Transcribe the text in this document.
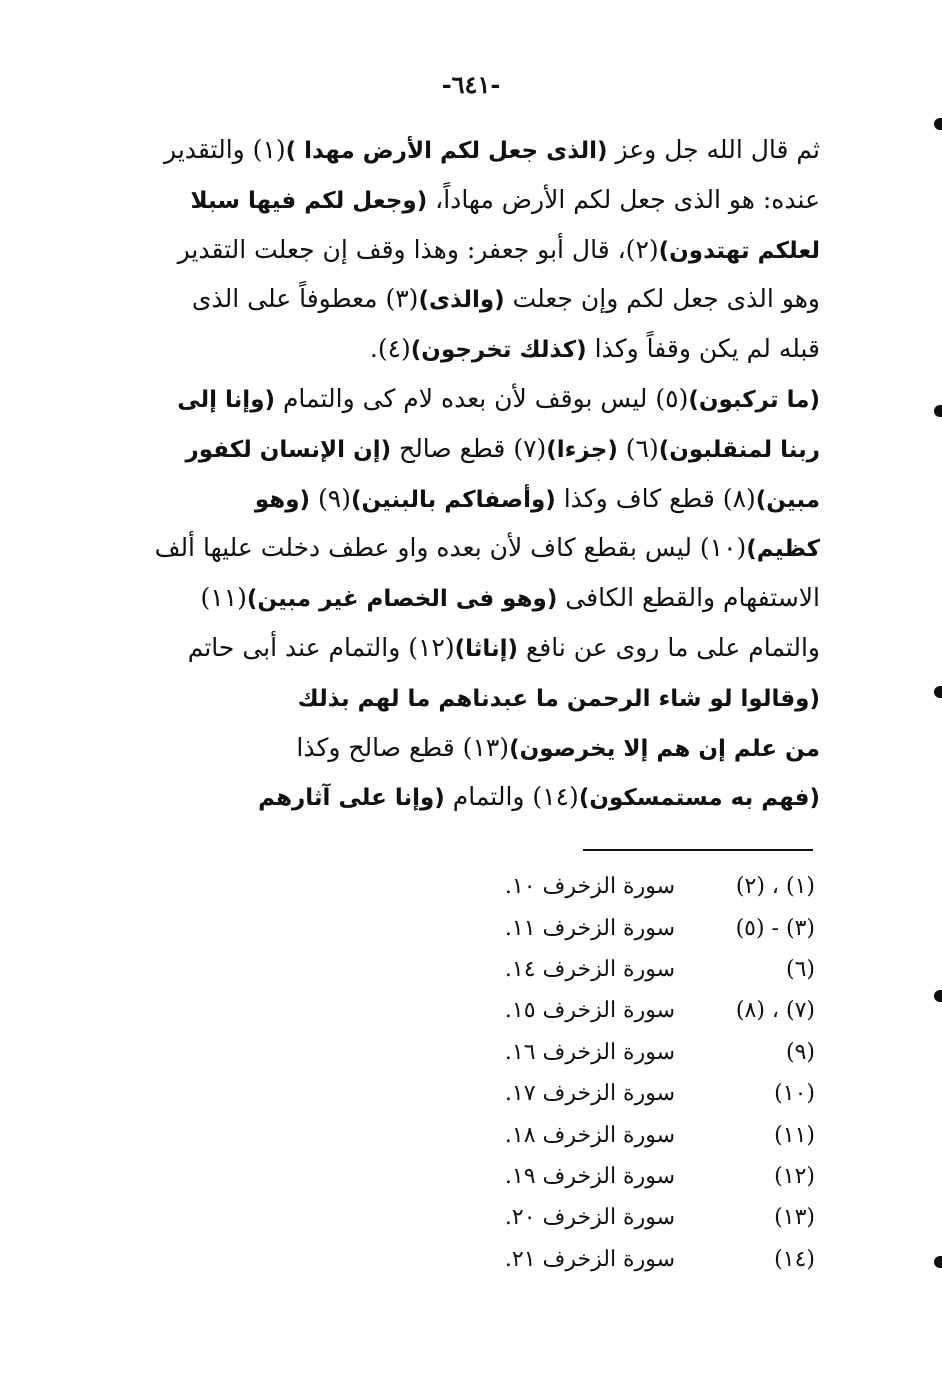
-٦٤١-
ثم قال الله جل وعز (الذى جعل لكم الأرض مهدا )(١) والتقدير
عنده: هو الذى جعل لكم الأرض مهاداً، (وجعل لكم فيها سبلا
لعلكم تهتدون)(٢)، قال أبو جعفر: وهذا وقف إن جعلت التقدير
وهو الذى جعل لكم وإن جعلت (والذى)(٣) معطوفاً على الذى
قبله لم يكن وقفاً وكذا (كذلك تخرجون)(٤).
(ما تركبون)(٥) ليس بوقف لأن بعده لام كى والتمام (وإنا إلى
ربنا لمنقلبون)(٦) (جزءا)(٧) قطع صالح (إن الإنسان لكفور
مبين)(٨) قطع كاف وكذا (وأصفاكم بالبنين)(٩) (وهو
كظيم)(١٠) ليس بقطع كاف لأن بعده واو عطف دخلت عليها ألف
الاستفهام والقطع الكافى (وهو فى الخصام غير مبين)(١١)
والتمام على ما روى عن نافع (إناثا)(١٢) والتمام عند أبى حاتم
(وقالوا لو شاء الرحمن ما عبدناهم ما لهم بذلك
من علم إن هم إلا يخرصون)(١٣) قطع صالح وكذا
(فهم به مستمسكون)(١٤) والتمام (وإنا على آثارهم
(١) ، (٢)
سورة الزخرف ١٠.
(٣) - (٥)
سورة الزخرف ١١.
(٦)
سورة الزخرف ١٤.
(٧) ، (٨)
سورة الزخرف ١٥.
(٩)
سورة الزخرف ١٦.
(١٠)
سورة الزخرف ١٧.
(١١)
سورة الزخرف ١٨.
(١٢)
سورة الزخرف ١٩.
(١٣)
سورة الزخرف ٢٠.
(١٤)
سورة الزخرف ٢١.
